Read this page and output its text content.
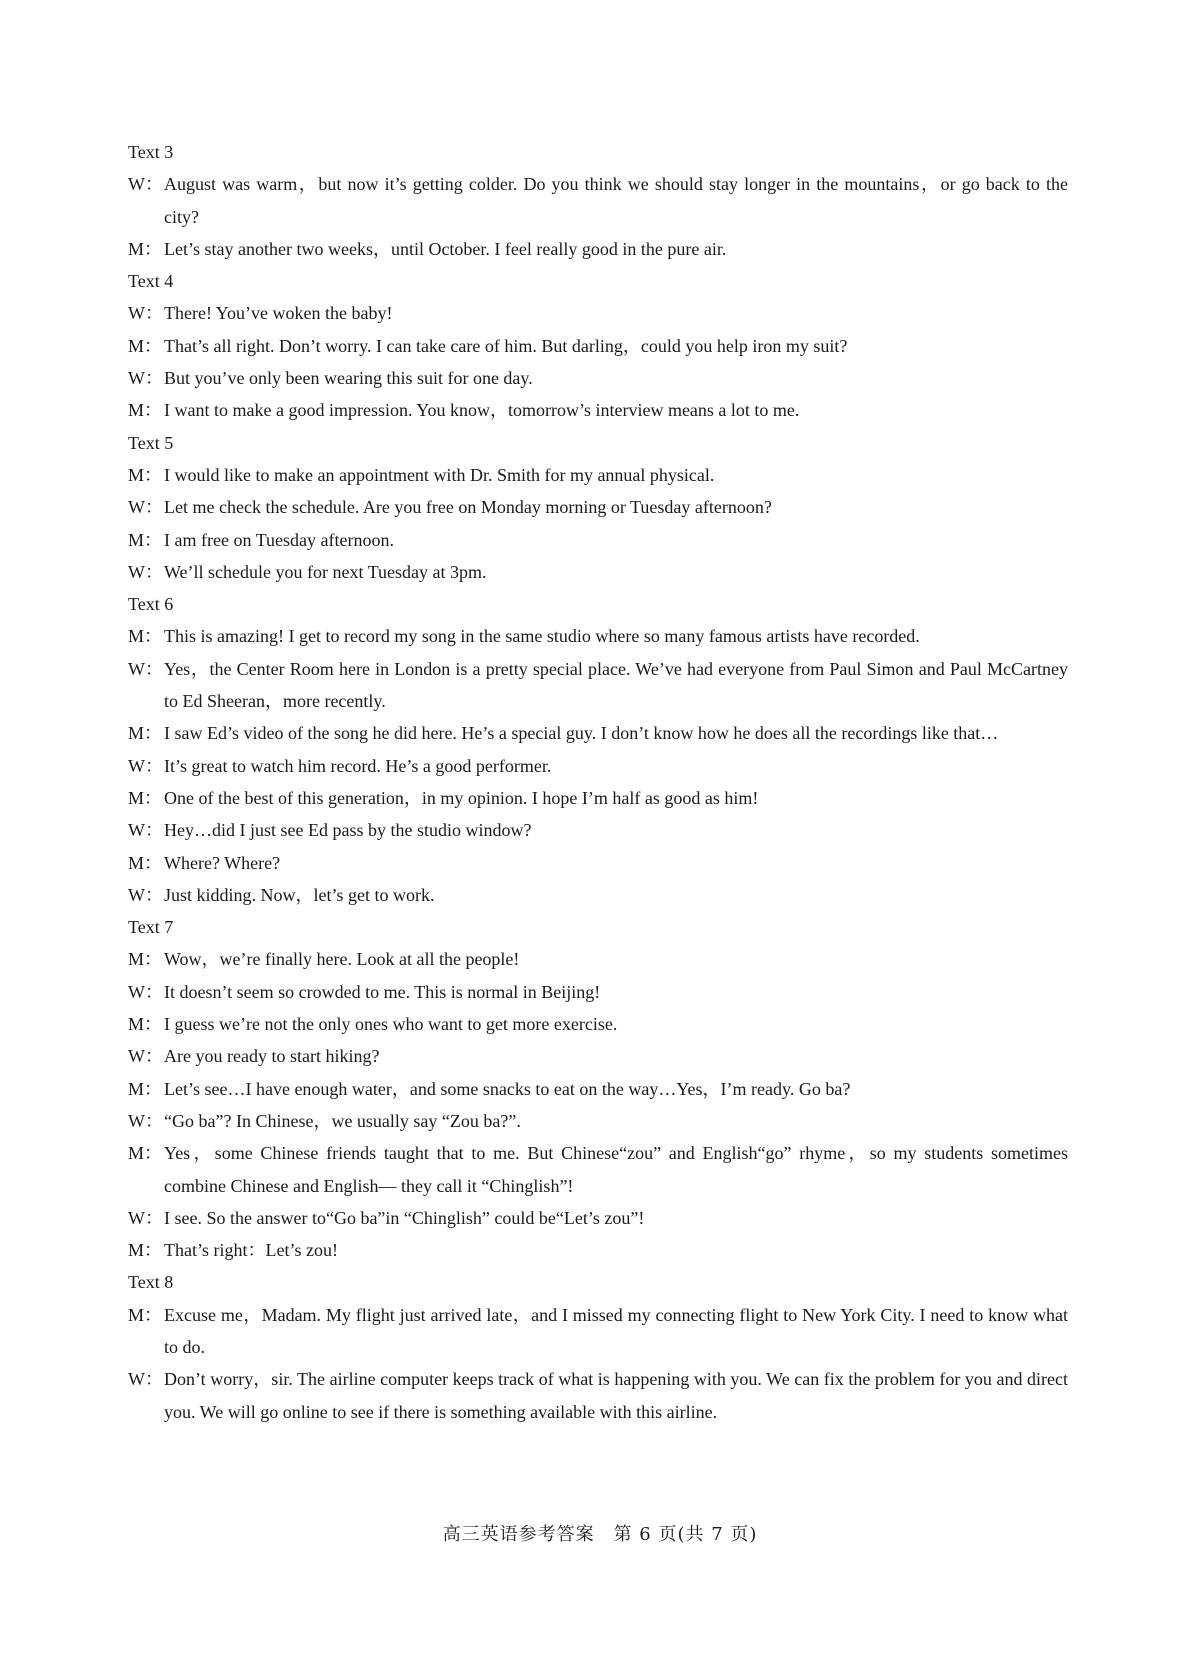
Text 3
W： August was warm，but now it’s getting colder. Do you think we should stay longer in the mountains，or go back to the city?
M： Let’s stay another two weeks，until October. I feel really good in the pure air.
Text 4
W： There! You’ve woken the baby!
M： That’s all right. Don’t worry. I can take care of him. But darling，could you help iron my suit?
W： But you’ve only been wearing this suit for one day.
M： I want to make a good impression. You know，tomorrow’s interview means a lot to me.
Text 5
M： I would like to make an appointment with Dr. Smith for my annual physical.
W： Let me check the schedule. Are you free on Monday morning or Tuesday afternoon?
M： I am free on Tuesday afternoon.
W： We’ll schedule you for next Tuesday at 3pm.
Text 6
M： This is amazing! I get to record my song in the same studio where so many famous artists have recorded.
W： Yes，the Center Room here in London is a pretty special place. We’ve had everyone from Paul Simon and Paul McCartney to Ed Sheeran，more recently.
M： I saw Ed’s video of the song he did here. He’s a special guy. I don’t know how he does all the recordings like that…
W： It’s great to watch him record. He’s a good performer.
M： One of the best of this generation，in my opinion. I hope I’m half as good as him!
W： Hey…did I just see Ed pass by the studio window?
M： Where? Where?
W： Just kidding. Now，let’s get to work.
Text 7
M： Wow，we’re finally here. Look at all the people!
W： It doesn’t seem so crowded to me. This is normal in Beijing!
M： I guess we’re not the only ones who want to get more exercise.
W： Are you ready to start hiking?
M： Let’s see…I have enough water，and some snacks to eat on the way…Yes，I’m ready. Go ba?
W： “Go ba”? In Chinese，we usually say “Zou ba?”.
M： Yes，some Chinese friends taught that to me. But Chinese“zou” and English“go” rhyme，so my students sometimes combine Chinese and English— they call it “Chinglish”!
W： I see. So the answer to“Go ba”in “Chinglish” could be“Let’s zou”!
M： That’s right：Let’s zou!
Text 8
M： Excuse me，Madam. My flight just arrived late，and I missed my connecting flight to New York City. I need to know what to do.
W： Don’t worry，sir. The airline computer keeps track of what is happening with you. We can fix the problem for you and direct you. We will go online to see if there is something available with this airline.
高三英语参考答案　第 6 页(共 7 页)
